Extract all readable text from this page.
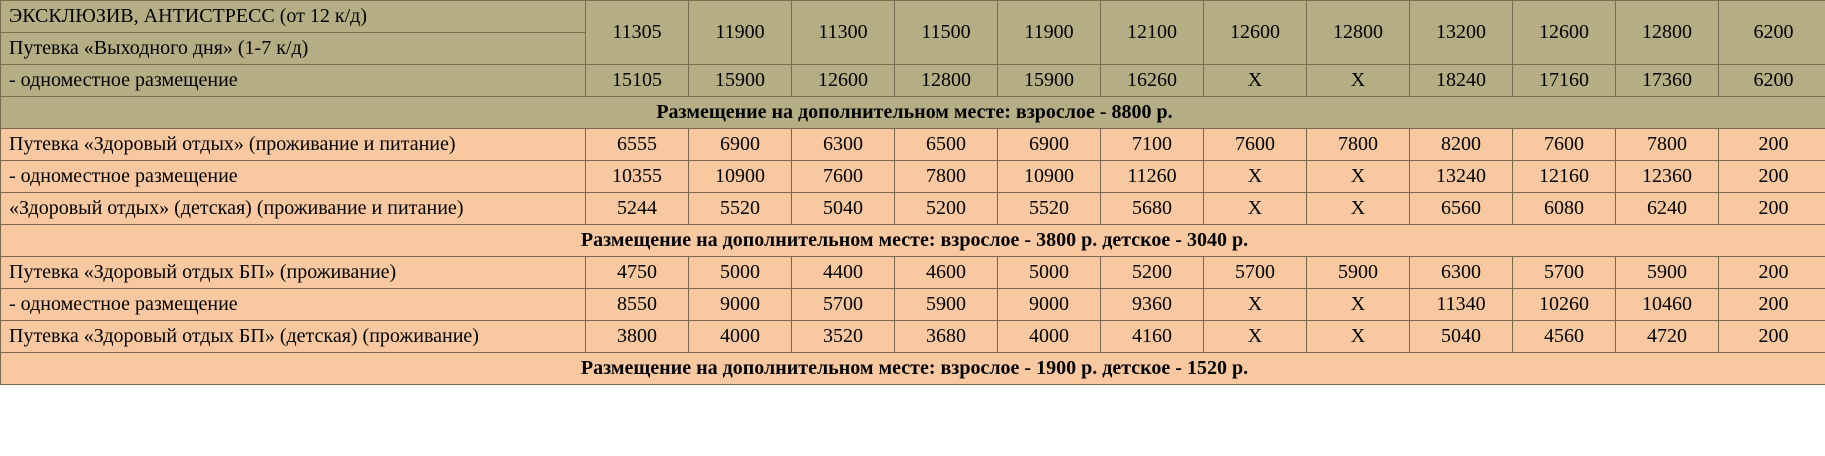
ЭКСКЛЮЗИВ, АНТИСТРЕСС (от 12 к/д)	11305	11900	11300	11500	11900	12100	12600	12800	13200	12600	12800	6200
Путевка «Выходного дня» (1-7 к/д)												
- одноместное размещение	15105	15900	12600	12800	15900	16260	X	X	18240	17160	17360	6200
Размещение на дополнительном месте: взрослое - 8800 р.												
Путевка «Здоровый отдых» (проживание и питание)	6555	6900	6300	6500	6900	7100	7600	7800	8200	7600	7800	200
- одноместное размещение	10355	10900	7600	7800	10900	11260	X	X	13240	12160	12360	200
«Здоровый отдых» (детская) (проживание и питание)	5244	5520	5040	5200	5520	5680	X	X	6560	6080	6240	200
Размещение на дополнительном месте: взрослое - 3800 р. детское - 3040 р.												
Путевка «Здоровый отдых БП» (проживание)	4750	5000	4400	4600	5000	5200	5700	5900	6300	5700	5900	200
- одноместное размещение	8550	9000	5700	5900	9000	9360	X	X	11340	10260	10460	200
Путевка «Здоровый отдых БП» (детская) (проживание)	3800	4000	3520	3680	4000	4160	X	X	5040	4560	4720	200
Размещение на дополнительном месте: взрослое - 1900 р. детское - 1520 р.												
